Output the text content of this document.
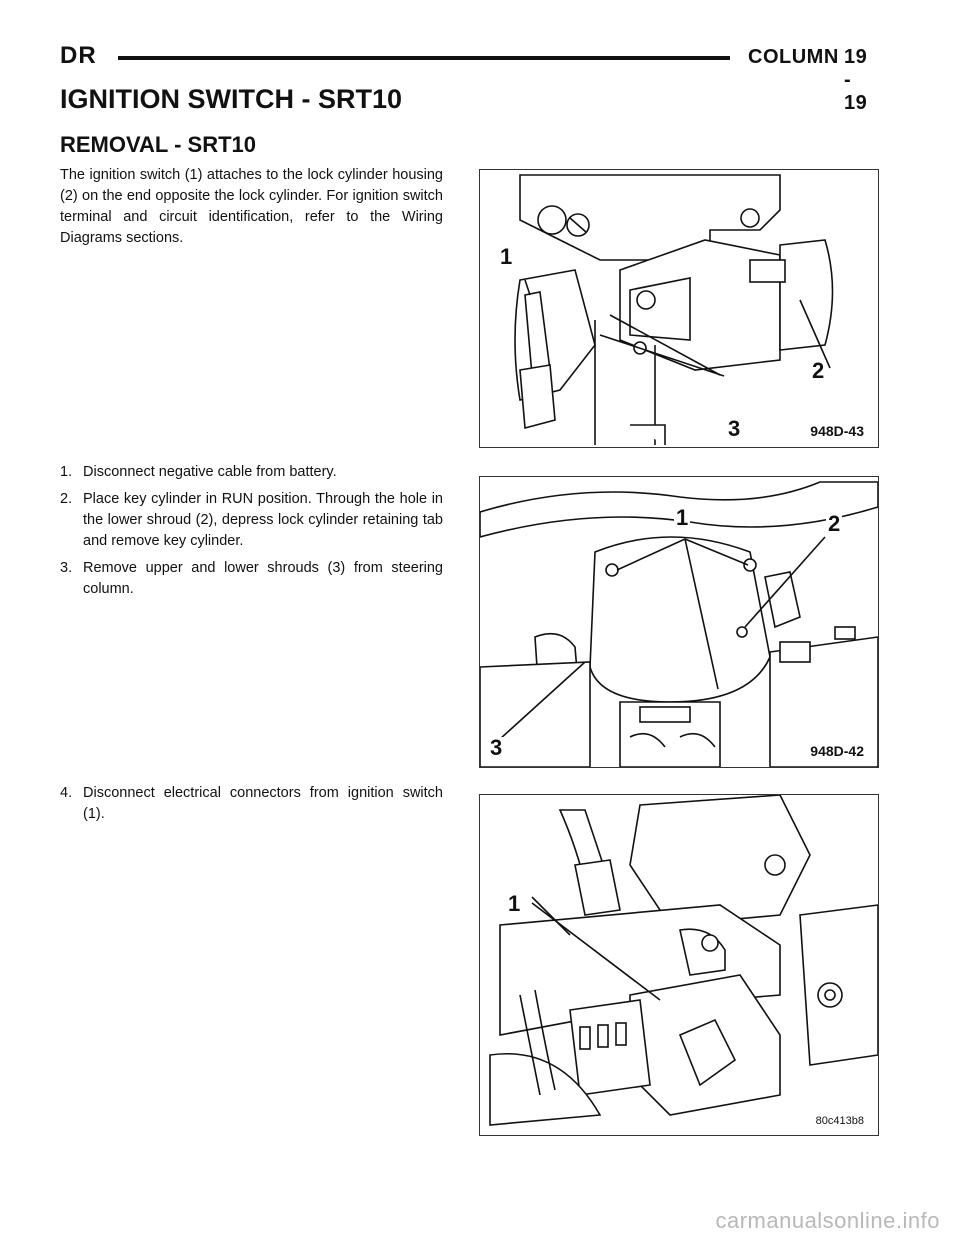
DR	COLUMN 19 - 19
IGNITION SWITCH - SRT10
REMOVAL - SRT10

The ignition switch (1) attaches to the lock cylinder housing (2) on the end opposite the lock cylinder. For ignition switch terminal and circuit identification, refer to the Wiring Diagrams sections.

1. Disconnect negative cable from battery.
2. Place key cylinder in RUN position. Through the hole in the lower shroud (2), depress lock cylinder retaining tab and remove key cylinder.
3. Remove upper and lower shrouds (3) from steering column.
4. Disconnect electrical connectors from ignition switch (1).
1
2
3	948D-43
1	2
3	948D-42
1
80c413b8
carmanualsonline.info
